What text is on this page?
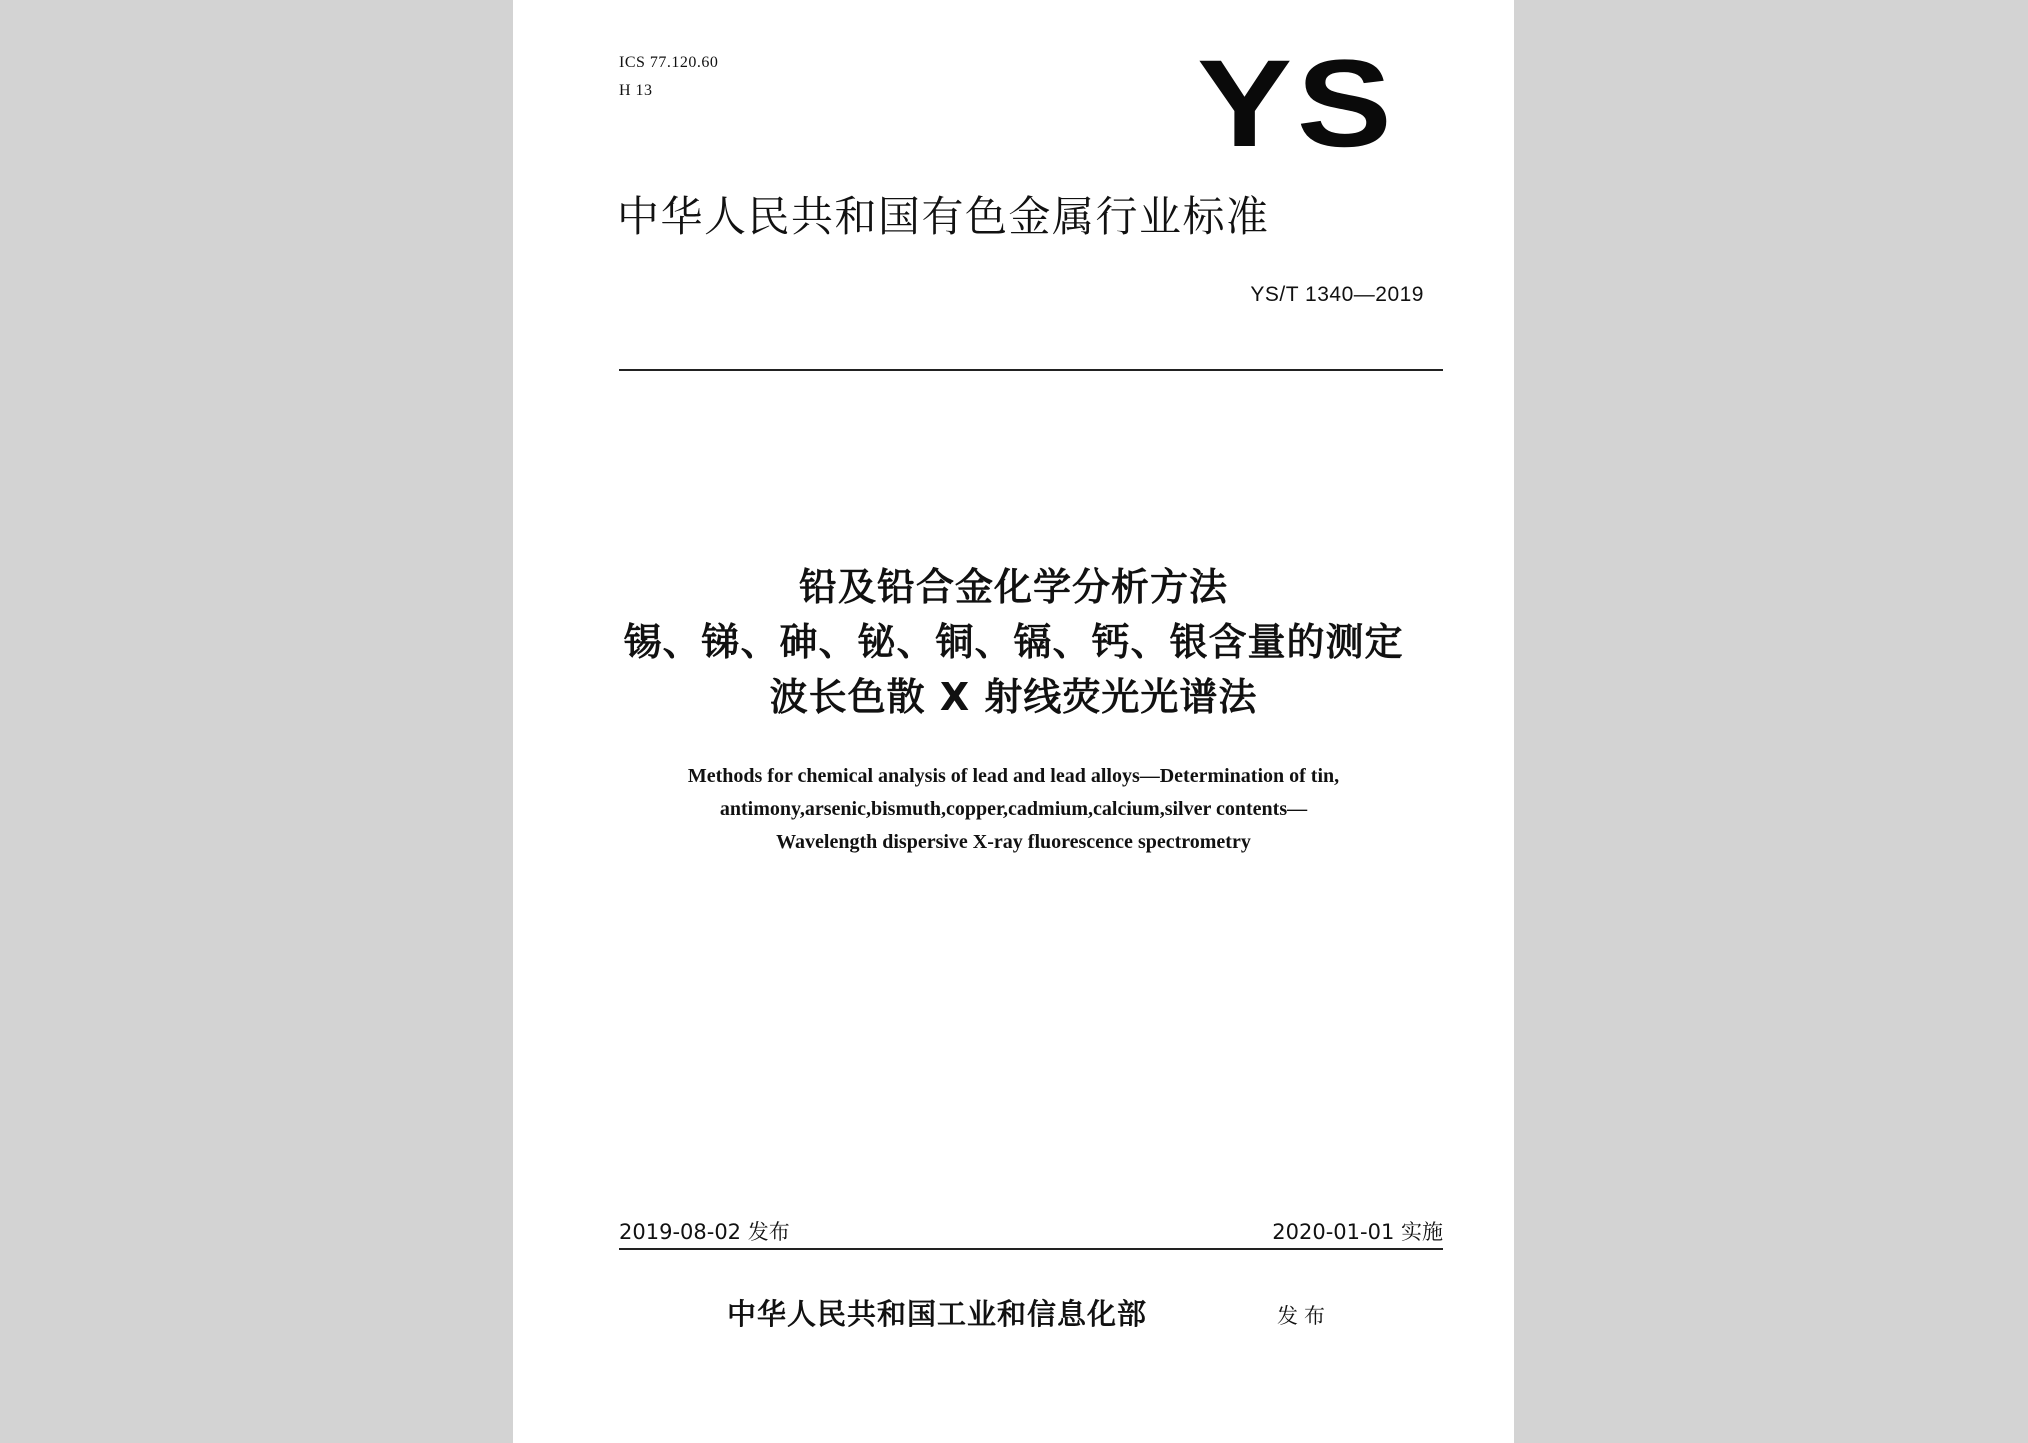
ICS 77.120.60
H 13	YS
中华人民共和国有色金属行业标准
YS/T 1340—2019
铅及铅合金化学分析方法
锡、锑、砷、铋、铜、镉、钙、银含量的测定
波长色散 X 射线荧光光谱法
Methods for chemical analysis of lead and lead alloys—Determination of tin,
antimony,arsenic,bismuth,copper,cadmium,calcium,silver contents—
Wavelength dispersive X-ray fluorescence spectrometry
2019-08-02 发布	2020-01-01 实施
中华人民共和国工业和信息化部	发布
